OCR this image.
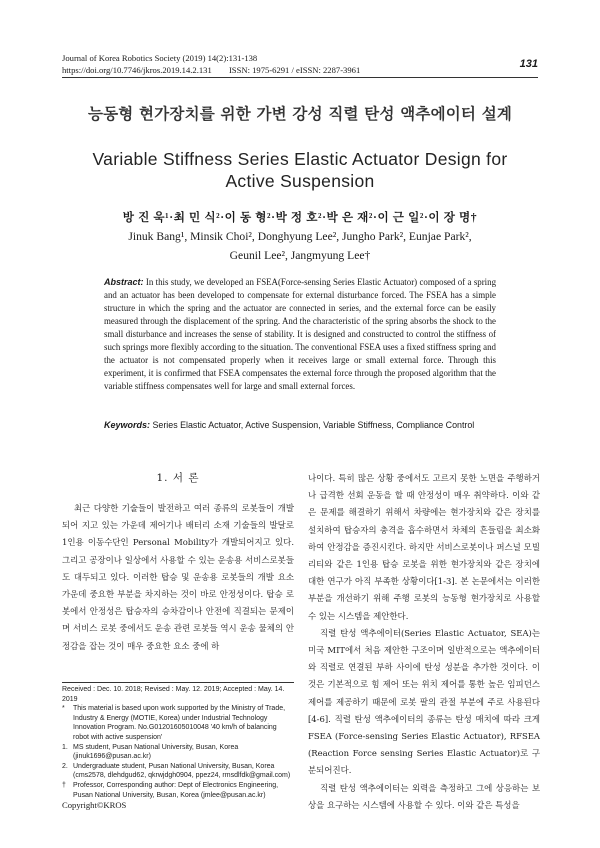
Journal of Korea Robotics Society (2019) 14(2):131-138
https://doi.org/10.7746/jkros.2019.14.2.131        ISSN: 1975-6291 / eISSN: 2287-3961	131
능동형 현가장치를 위한 가변 강성 직렬 탄성 액추에이터 설계
Variable Stiffness Series Elastic Actuator Design for
Active Suspension
방 진 욱¹·최 민 식²·이 동 형²·박 정 호²·박 은 재²·이 근 일²·이 장 명†
Jinuk Bang¹, Minsik Choi², Donghyung Lee², Jungho Park², Eunjae Park²,
Geunil Lee², Jangmyung Lee†
Abstract: In this study, we developed an FSEA(Force-sensing Series Elastic Actuator) composed of a spring and an actuator has been developed to compensate for external disturbance forced. The FSEA has a simple structure in which the spring and the actuator are connected in series, and the external force can be easily measured through the displacement of the spring. And the characteristic of the spring absorbs the shock to the small disturbance and increases the sense of stability. It is designed and constructed to control the stiffness of such springs more flexibly according to the situation. The conventional FSEA uses a fixed stiffness spring and the actuator is not compensated properly when it receives large or small external force. Through this experiment, it is confirmed that FSEA compensates the external force through the proposed algorithm that the variable stiffness compensates well for large and small external forces.
Keywords: Series Elastic Actuator, Active Suspension, Variable Stiffness, Compliance Control
1. 서 론

최근 다양한 기술들이 발전하고 여러 종류의 로봇들이 개발되어 지고 있는 가운데 제어기나 배터리 소재 기술들의 발달로 1인용 이동수단인 Personal Mobility가 개발되어지고 있다. 그리고 공장이나 일상에서 사용할 수 있는 운송용 서비스로봇들도 대두되고 있다. 이러한 탑승 및 운송용 로봇들의 개발 요소 가운데 중요한 부분을 차지하는 것이 바로 안정성이다. 탑승 로봇에서 안정성은 탑승자의 승차감이나 안전에 직결되는 문제이며 서비스 로봇 중에서도 운송 관련 로봇들 역시 운송 물체의 안정감을 잡는 것이 매우 중요한 요소 중에 하

나이다. 특히 많은 상황 중에서도 고르지 못한 노면을 주행하거나 급격한 선회 운동을 할 때 안정성이 매우 취약하다. 이와 같은 문제를 해결하기 위해서 차량에는 현가장치와 같은 장치를 설치하여 탑승자의 충격을 흡수하면서 차체의 흔들림을 최소화하여 안정감을 증진시킨다. 하지만 서비스로봇이나 퍼스널 모빌리티와 같은 1인용 탑승 로봇을 위한 현가장치와 같은 장치에 대한 연구가 아직 부족한 상황이다[1-3]. 본 논문에서는 이러한 부분을 개선하기 위해 주행 로봇의 능동형 현가장치로 사용할 수 있는 시스템을 제안한다.

직렬 탄성 액추에이터(Series Elastic Actuator, SEA)는 미국 MIT에서 처음 제안한 구조이며 일반적으로는 액추에이터와 직렬로 연결된 부하 사이에 탄성 성분을 추가한 것이다. 이 것은 기본적으로 힘 제어 또는 위치 제어를 통한 높은 임피던스 제어를 제공하기 때문에 로봇 팔의 관절 부분에 주로 사용된다[4-6]. 직렬 탄성 액추에이터의 종류는 탄성 매치에 따라 크게 FSEA (Force-sensing Series Elastic Actuator), RFSEA (Reaction Force sensing Series Elastic Actuator)로 구분되어진다.

직렬 탄성 액추에이터는 외력을 측정하고 그에 상응하는 보상을 요구하는 시스템에 사용할 수 있다. 이와 같은 특성을

Received : Dec. 10. 2018; Revised : May. 12. 2019; Accepted : May. 14. 2019
* This material is based upon work supported by the Ministry of Trade, Industry & Energy (MOTIE, Korea) under Industrial Technology Innovation Program. No.G01201605010048 '40 km/h of balancing robot with active suspension'
1. MS student, Pusan National University, Busan, Korea (jinuk1696@pusan.ac.kr)
2. Undergraduate student, Pusan National University, Busan, Korea (cms2578, dlehdgud62, qkrwjdgh0904, ppez24, rmsdlfdk@gmail.com)
† Professor, Corresponding author: Dept of Electronics Engineering, Pusan National University, Busan, Korea (jmlee@pusan.ac.kr)
Copyright©KROS
